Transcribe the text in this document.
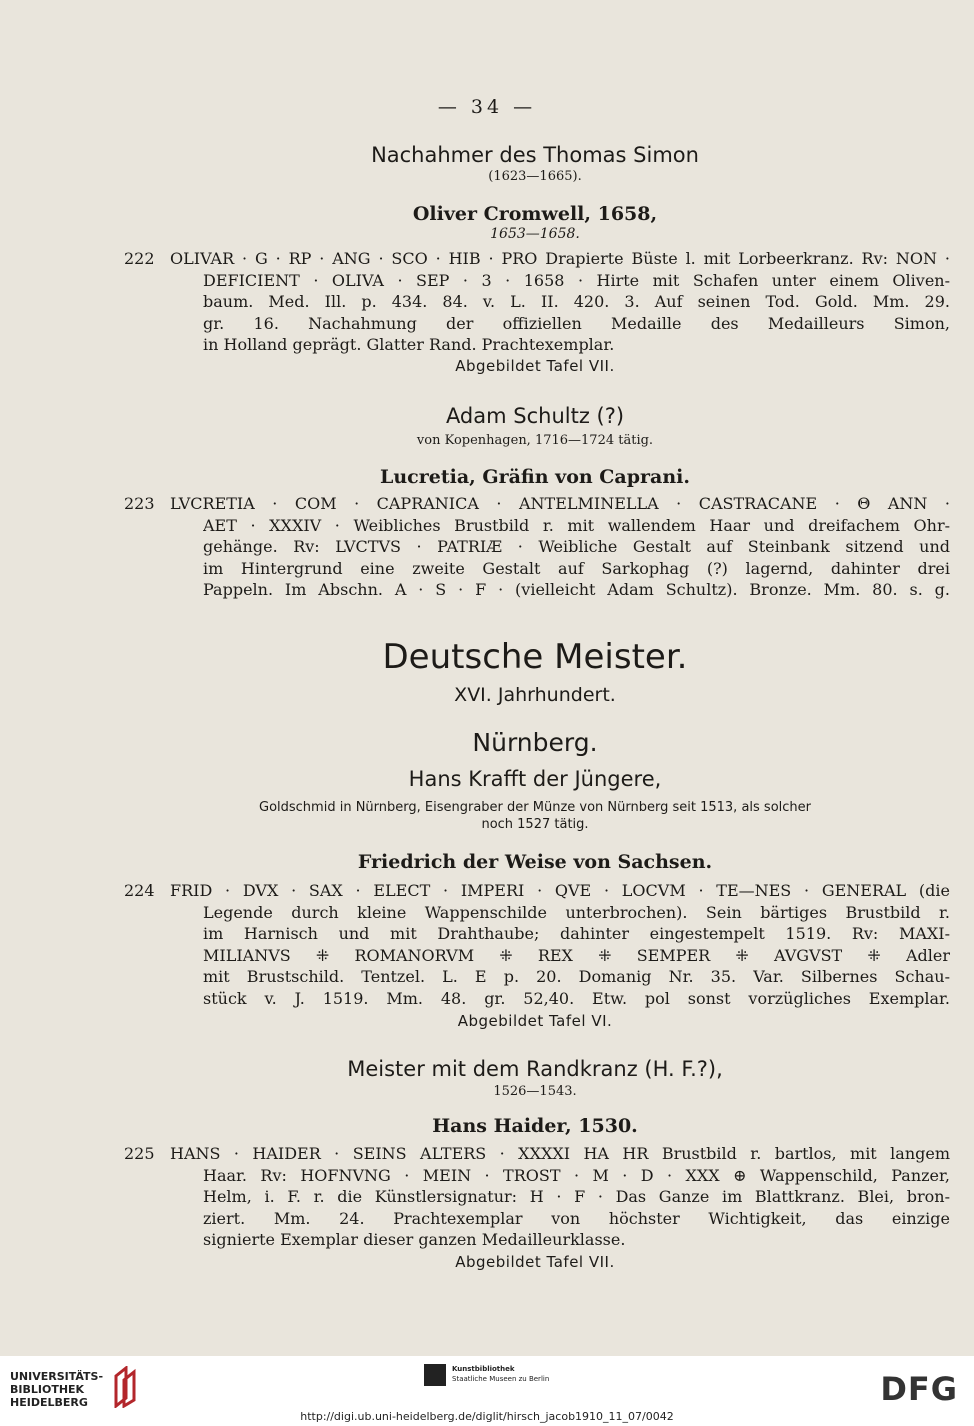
— 34 —
Nachahmer des Thomas Simon
(1623—1665).
Oliver Cromwell, 1658,
1653—1658.
222 OLIVAR · G · RP · ANG · SCO · HIB · PRO Drapierte Büste l. mit Lorbeerkranz. Rv: NON ·
DEFICIENT · OLIVA · SEP · 3 · 1658 · Hirte mit Schafen unter einem Oliven-
baum. Med. Ill. p. 434. 84. v. L. II. 420. 3. Auf seinen Tod. Gold. Mm. 29.
gr. 16. Nachahmung der offiziellen Medaille des Medailleurs Simon,
in Holland geprägt. Glatter Rand. Prachtexemplar.
Abgebildet Tafel VII.
Adam Schultz (?)
von Kopenhagen, 1716—1724 tätig.
Lucretia, Gräfin von Caprani.
223 LVCRETIA · COM · CAPRANICA · ANTELMINELLA · CASTRACANE · Θ ANN ·
AET · XXXIV · Weibliches Brustbild r. mit wallendem Haar und dreifachem Ohr-
gehänge. Rv: LVCTVS · PATRIÆ · Weibliche Gestalt auf Steinbank sitzend und
im Hintergrund eine zweite Gestalt auf Sarkophag (?) lagernd, dahinter drei
Pappeln. Im Abschn. A · S · F · (vielleicht Adam Schultz). Bronze. Mm. 80. s. g.
Deutsche Meister.
XVI. Jahrhundert.
Nürnberg.
Hans Krafft der Jüngere,
Goldschmid in Nürnberg, Eisengraber der Münze von Nürnberg seit 1513, als solcher
noch 1527 tätig.
Friedrich der Weise von Sachsen.
224 FRID · DVX · SAX · ELECT · IMPERI · QVE · LOCVM · TE—NES · GENERAL (die
Legende durch kleine Wappenschilde unterbrochen). Sein bärtiges Brustbild r.
im Harnisch und mit Drahthaube; dahinter eingestempelt 1519. Rv: MAXI-
MILIANVS ⁜ ROMANORVM ⁜ REX ⁜ SEMPER ⁜ AVGVST ⁜ Adler
mit Brustschild. Tentzel. L. E p. 20. Domanig Nr. 35. Var. Silbernes Schau-
stück v. J. 1519. Mm. 48. gr. 52,40. Etw. pol sonst vorzügliches Exemplar.
Abgebildet Tafel VI.
Meister mit dem Randkranz (H. F.?),
1526—1543.
Hans Haider, 1530.
225 HANS · HAIDER · SEINS ALTERS · XXXXI HA HR Brustbild r. bartlos, mit langem
Haar. Rv: HOFNVNG · MEIN · TROST · M · D · XXX ⊕ Wappenschild, Panzer,
Helm, i. F. r. die Künstlersignatur: H · F · Das Ganze im Blattkranz. Blei, bron-
ziert. Mm. 24. Prachtexemplar von höchster Wichtigkeit, das einzige
signierte Exemplar dieser ganzen Medailleurklasse.
Abgebildet Tafel VII.
UNIVERSITÄTS-
BIBLIOTHEK
HEIDELBERG
Kunstbibliothek
Staatliche Museen zu Berlin	DFG
http://digi.ub.uni-heidelberg.de/diglit/hirsch_jacob1910_11_07/0042
